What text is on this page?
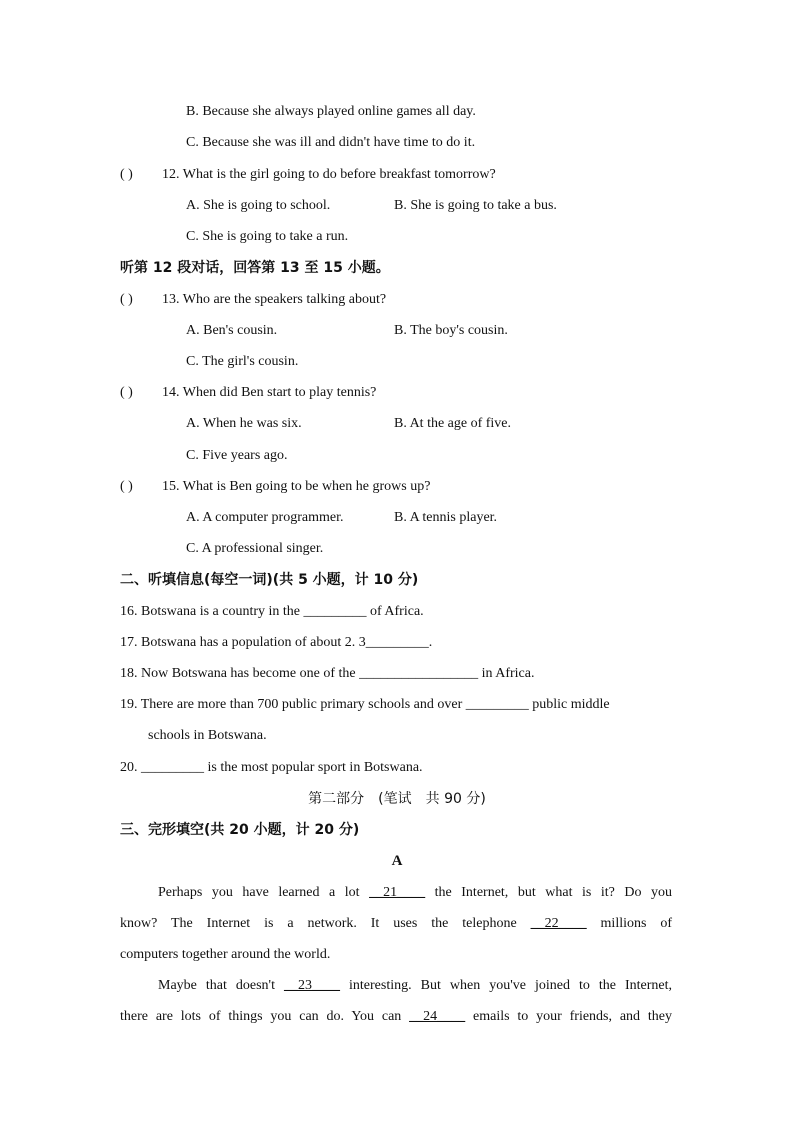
B. Because she always played online games all day.
C. Because she was ill and didn't have time to do it.
( ) 12. What is the girl going to do before breakfast tomorrow?
A. She is going to school.	B. She is going to take a bus.
C. She is going to take a run.
听第 12 段对话，回答第 13 至 15 小题。
( ) 13. Who are the speakers talking about?
A. Ben's cousin.	B. The boy's cousin.
C. The girl's cousin.
( ) 14. When did Ben start to play tennis?
A. When he was six.	B. At the age of five.
C. Five years ago.
( ) 15. What is Ben going to be when he grows up?
A. A computer programmer.	B. A tennis player.
C. A professional singer.
二、听填信息(每空一词)(共 5 小题，计 10 分)
16. Botswana is a country in the _________ of Africa.
17. Botswana has a population of about 2. 3_________.
18. Now Botswana has become one of the _________________ in Africa.
19. There are more than 700 public primary schools and over _________ public middle
schools in Botswana.
20. _________ is the most popular sport in Botswana.
第二部分　(笔试　共 90 分)
三、完形填空(共 20 小题，计 20 分)
A
Perhaps you have learned a lot __21____ the Internet, but what is it? Do you
know? The Internet is a network. It uses the telephone __22____ millions of
computers together around the world.
Maybe that doesn't __23____ interesting. But when you've joined to the Internet,
there are lots of things you can do. You can __24____ emails to your friends, and they
